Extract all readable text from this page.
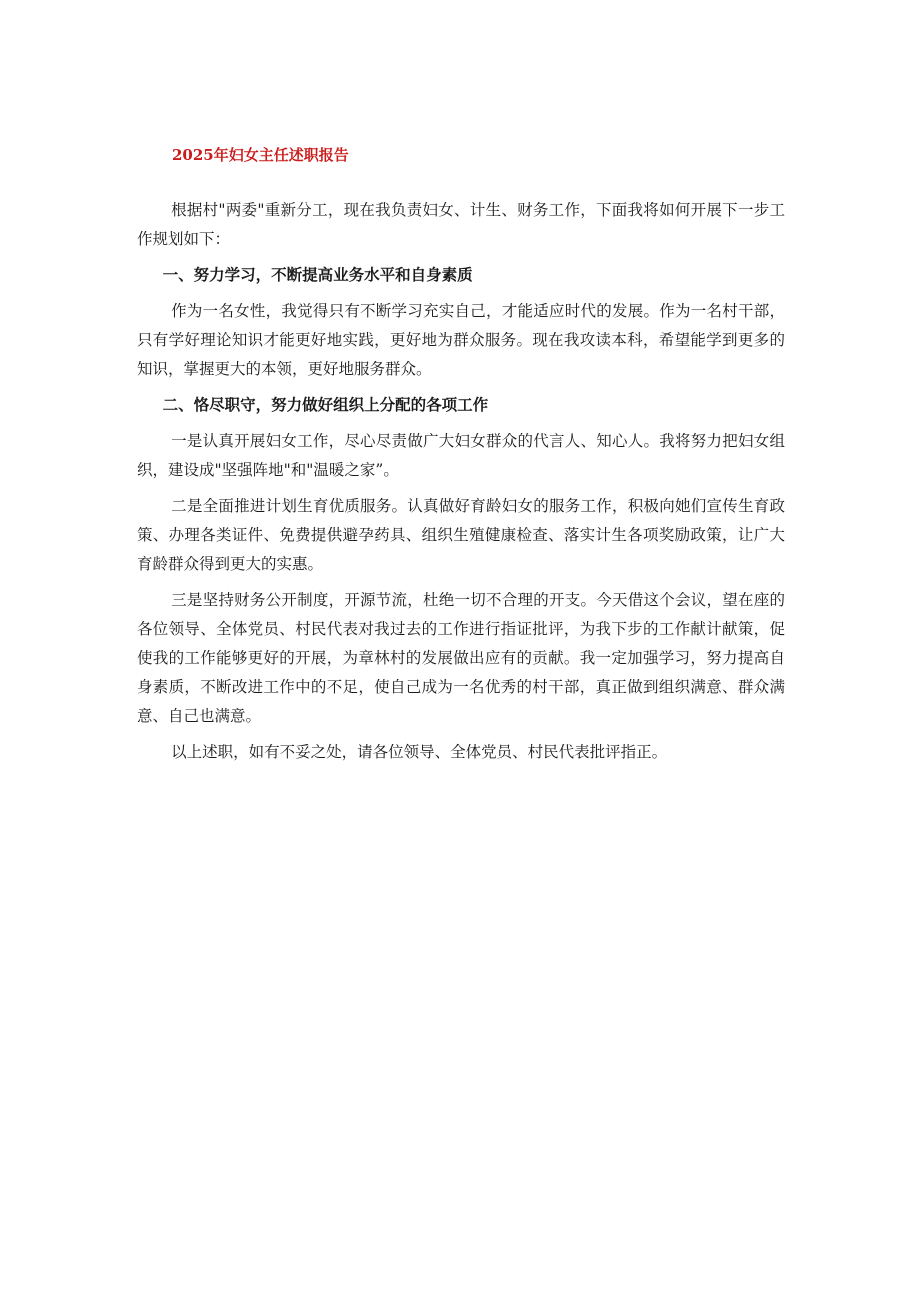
2025年妇女主任述职报告

根据村"两委"重新分工，现在我负责妇女、计生、财务工作，下面我将如何开展下一步工作规划如下：

一、努力学习，不断提高业务水平和自身素质

作为一名女性，我觉得只有不断学习充实自己，才能适应时代的发展。作为一名村干部，只有学好理论知识才能更好地实践，更好地为群众服务。现在我攻读本科，希望能学到更多的知识，掌握更大的本领，更好地服务群众。

二、恪尽职守，努力做好组织上分配的各项工作

一是认真开展妇女工作，尽心尽责做广大妇女群众的代言人、知心人。我将努力把妇女组织，建设成"坚强阵地"和"温暖之家”。

二是全面推进计划生育优质服务。认真做好育龄妇女的服务工作，积极向她们宣传生育政策、办理各类证件、免费提供避孕药具、组织生殖健康检查、落实计生各项奖励政策，让广大育龄群众得到更大的实惠。

三是坚持财务公开制度，开源节流，杜绝一切不合理的开支。今天借这个会议，望在座的各位领导、全体党员、村民代表对我过去的工作进行指证批评，为我下步的工作献计献策，促使我的工作能够更好的开展，为章林村的发展做出应有的贡献。我一定加强学习，努力提高自身素质，不断改进工作中的不足，使自己成为一名优秀的村干部，真正做到组织满意、群众满意、自己也满意。

以上述职，如有不妥之处，请各位领导、全体党员、村民代表批评指正。
